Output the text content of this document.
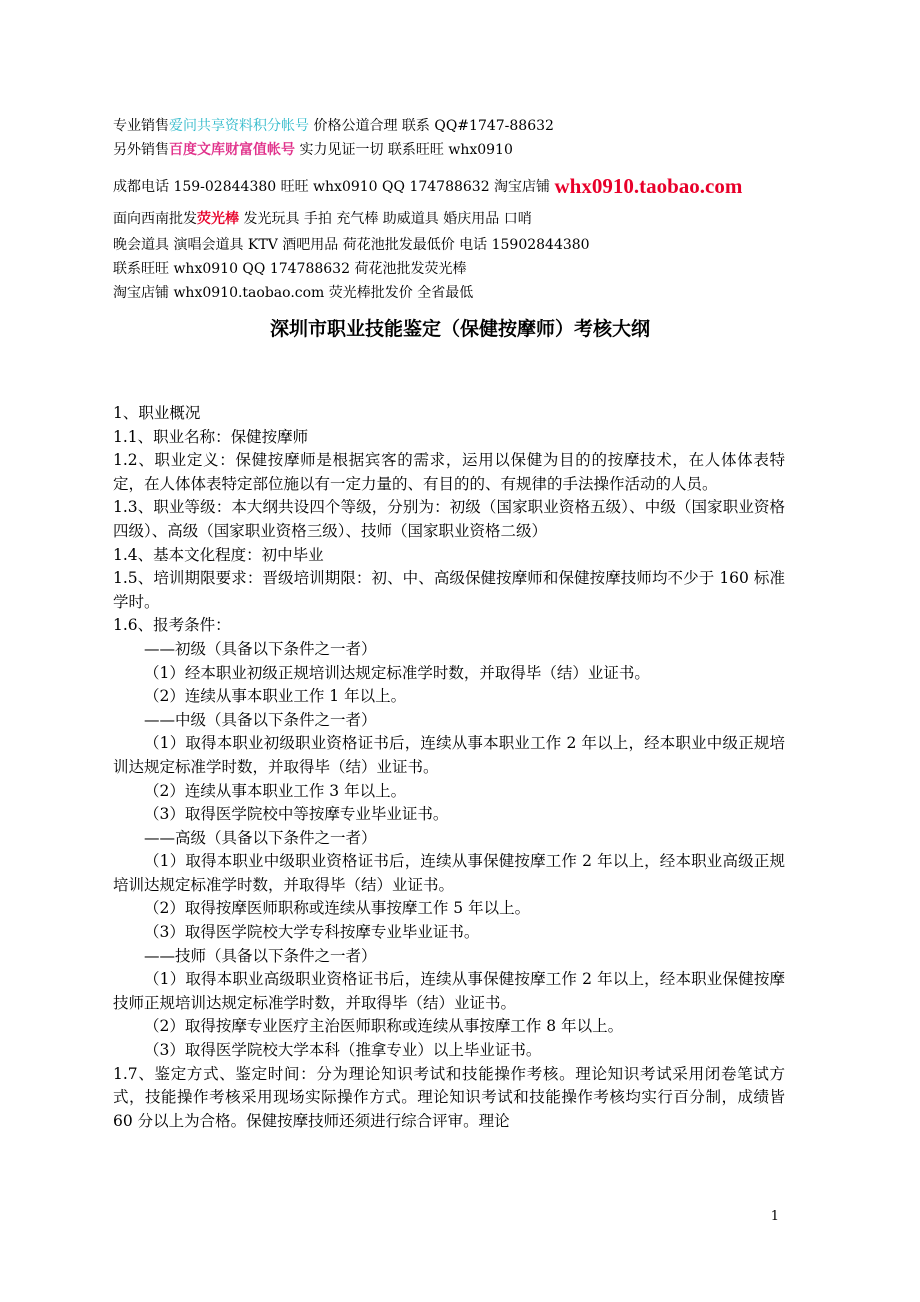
专业销售爱问共享资料积分帐号 价格公道合理 联系 QQ#1747-88632
另外销售百度文库财富值帐号 实力见证一切 联系旺旺 whx0910
成都电话 159-02844380 旺旺 whx0910 QQ 174788632 淘宝店铺 whx0910.taobao.com
面向西南批发荧光棒 发光玩具 手拍 充气棒 助威道具 婚庆用品 口哨
晚会道具 演唱会道具 KTV 酒吧用品 荷花池批发最低价 电话 15902844380
联系旺旺 whx0910 QQ 174788632 荷花池批发荧光棒
淘宝店铺 whx0910.taobao.com 荧光棒批发价 全省最低
深圳市职业技能鉴定（保健按摩师）考核大纲

1、职业概况

1.1、职业名称：保健按摩师

1.2、职业定义：保健按摩师是根据宾客的需求，运用以保健为目的的按摩技术，在人体体表特定，在人体体表特定部位施以有一定力量的、有目的的、有规律的手法操作活动的人员。

1.3、职业等级：本大纲共设四个等级，分别为：初级（国家职业资格五级）、中级（国家职业资格四级）、高级（国家职业资格三级）、技师（国家职业资格二级）

1.4、基本文化程度：初中毕业

1.5、培训期限要求：晋级培训期限：初、中、高级保健按摩师和保健按摩技师均不少于 160 标准学时。

1.6、报考条件：

——初级（具备以下条件之一者）

（1）经本职业初级正规培训达规定标准学时数，并取得毕（结）业证书。

（2）连续从事本职业工作 1 年以上。

——中级（具备以下条件之一者）

（1）取得本职业初级职业资格证书后，连续从事本职业工作 2 年以上，经本职业中级正规培训达规定标准学时数，并取得毕（结）业证书。

（2）连续从事本职业工作 3 年以上。

（3）取得医学院校中等按摩专业毕业证书。

——高级（具备以下条件之一者）

（1）取得本职业中级职业资格证书后，连续从事保健按摩工作 2 年以上，经本职业高级正规培训达规定标准学时数，并取得毕（结）业证书。

（2）取得按摩医师职称或连续从事按摩工作 5 年以上。

（3）取得医学院校大学专科按摩专业毕业证书。

——技师（具备以下条件之一者）

（1）取得本职业高级职业资格证书后，连续从事保健按摩工作 2 年以上，经本职业保健按摩技师正规培训达规定标准学时数，并取得毕（结）业证书。

（2）取得按摩专业医疗主治医师职称或连续从事按摩工作 8 年以上。

（3）取得医学院校大学本科（推拿专业）以上毕业证书。

1.7、鉴定方式、鉴定时间：分为理论知识考试和技能操作考核。理论知识考试采用闭卷笔试方式，技能操作考核采用现场实际操作方式。理论知识考试和技能操作考核均实行百分制，成绩皆 60 分以上为合格。保健按摩技师还须进行综合评审。理论

1
